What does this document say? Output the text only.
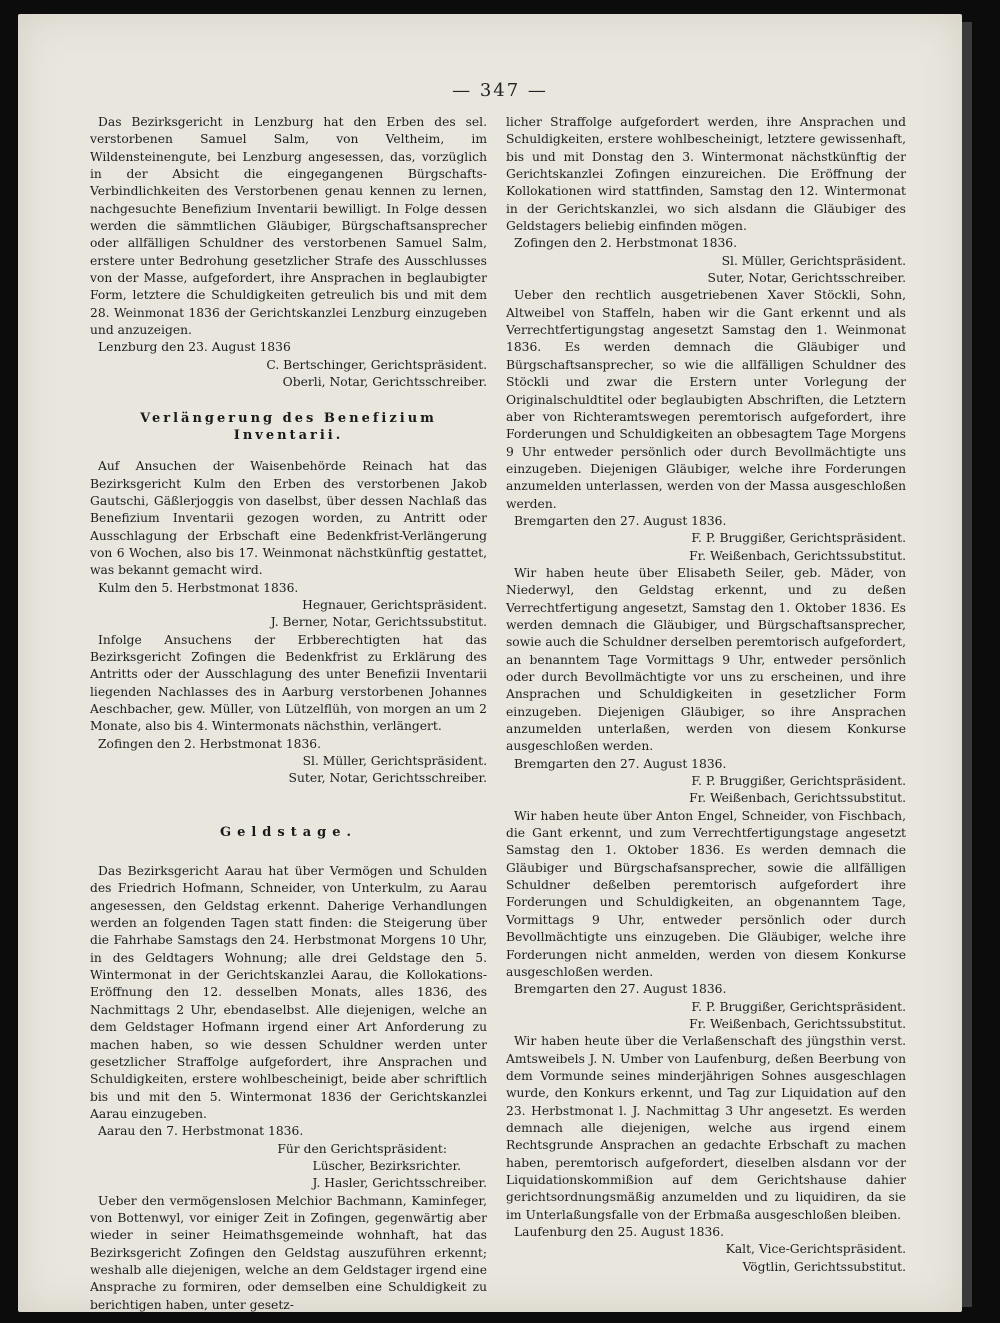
— 347 —

Das Bezirksgericht in Lenzburg hat den Erben des sel. verstorbenen Samuel Salm, von Veltheim, im Wildensteinengute, bei Lenzburg angesessen, das, vorzüglich in der Absicht die eingegangenen Bürgschafts-Verbindlichkeiten des Verstorbenen genau kennen zu lernen, nachgesuchte Benefizium Inventarii bewilligt. In Folge dessen werden die sämmtlichen Gläubiger, Bürgschaftsansprecher oder allfälligen Schuldner des verstorbenen Samuel Salm, erstere unter Bedrohung gesetzlicher Strafe des Ausschlusses von der Masse, aufgefordert, ihre Ansprachen in beglaubigter Form, letztere die Schuldigkeiten getreulich bis und mit dem 28. Weinmonat 1836 der Gerichtskanzlei Lenzburg einzugeben und anzuzeigen.

Lenzburg den 23. August 1836
C. Bertschinger, Gerichtspräsident.
Oberli, Notar, Gerichtsschreiber.
Verlängerung des Benefizium Inventarii.

Auf Ansuchen der Waisenbehörde Reinach hat das Bezirksgericht Kulm den Erben des verstorbenen Jakob Gautschi, Gäßlerjoggis von daselbst, über dessen Nachlaß das Benefizium Inventarii gezogen worden, zu Antritt oder Ausschlagung der Erbschaft eine Bedenkfrist-Verlängerung von 6 Wochen, also bis 17. Weinmonat nächstkünftig gestattet, was bekannt gemacht wird.

Kulm den 5. Herbstmonat 1836.
Hegnauer, Gerichtspräsident.
J. Berner, Notar, Gerichtssubstitut.

Infolge Ansuchens der Erbberechtigten hat das Bezirksgericht Zofingen die Bedenkfrist zu Erklärung des Antritts oder der Ausschlagung des unter Benefizii Inventarii liegenden Nachlasses des in Aarburg verstorbenen Johannes Aeschbacher, gew. Müller, von Lützelflüh, von morgen an um 2 Monate, also bis 4. Wintermonats nächsthin, verlängert.

Zofingen den 2. Herbstmonat 1836.
Sl. Müller, Gerichtspräsident.
Suter, Notar, Gerichtsschreiber.
Geldstage.

Das Bezirksgericht Aarau hat über Vermögen und Schulden des Friedrich Hofmann, Schneider, von Unterkulm, zu Aarau angesessen, den Geldstag erkennt. Daherige Verhandlungen werden an folgenden Tagen statt finden: die Steigerung über die Fahrhabe Samstags den 24. Herbstmonat Morgens 10 Uhr, in des Geldtagers Wohnung; alle drei Geldstage den 5. Wintermonat in der Gerichtskanzlei Aarau, die Kollokations-Eröffnung den 12. desselben Monats, alles 1836, des Nachmittags 2 Uhr, ebendaselbst. Alle diejenigen, welche an dem Geldstager Hofmann irgend einer Art Anforderung zu machen haben, so wie dessen Schuldner werden unter gesetzlicher Straffolge aufgefordert, ihre Ansprachen und Schuldigkeiten, erstere wohlbescheinigt, beide aber schriftlich bis und mit den 5. Wintermonat 1836 der Gerichtskanzlei Aarau einzugeben.

Aarau den 7. Herbstmonat 1836.
Für den Gerichtspräsident:
Lüscher, Bezirksrichter.
J. Hasler, Gerichtsschreiber.

Ueber den vermögenslosen Melchior Bachmann, Kaminfeger, von Bottenwyl, vor einiger Zeit in Zofingen, gegenwärtig aber wieder in seiner Heimathsgemeinde wohnhaft, hat das Bezirksgericht Zofingen den Geldstag auszuführen erkennt; weshalb alle diejenigen, welche an dem Geldstager irgend eine Ansprache zu formiren, oder demselben eine Schuldigkeit zu berichtigen haben, unter gesetz-

licher Straffolge aufgefordert werden, ihre Ansprachen und Schuldigkeiten, erstere wohlbescheinigt, letztere gewissenhaft, bis und mit Donstag den 3. Wintermonat nächstkünftig der Gerichtskanzlei Zofingen einzureichen. Die Eröffnung der Kollokationen wird stattfinden, Samstag den 12. Wintermonat in der Gerichtskanzlei, wo sich alsdann die Gläubiger des Geldstagers beliebig einfinden mögen.

Zofingen den 2. Herbstmonat 1836.
Sl. Müller, Gerichtspräsident.
Suter, Notar, Gerichtsschreiber.

Ueber den rechtlich ausgetriebenen Xaver Stöckli, Sohn, Altweibel von Staffeln, haben wir die Gant erkennt und als Verrechtfertigungstag angesetzt Samstag den 1. Weinmonat 1836. Es werden demnach die Gläubiger und Bürgschaftsansprecher, so wie die allfälligen Schuldner des Stöckli und zwar die Erstern unter Vorlegung der Originalschuldtitel oder beglaubigten Abschriften, die Letztern aber von Richteramtswegen peremtorisch aufgefordert, ihre Forderungen und Schuldigkeiten an obbesagtem Tage Morgens 9 Uhr entweder persönlich oder durch Bevollmächtigte uns einzugeben. Diejenigen Gläubiger, welche ihre Forderungen anzumelden unterlassen, werden von der Massa ausgeschloßen werden.

Bremgarten den 27. August 1836.
F. P. Bruggißer, Gerichtspräsident.
Fr. Weißenbach, Gerichtssubstitut.

Wir haben heute über Elisabeth Seiler, geb. Mäder, von Niederwyl, den Geldstag erkennt, und zu deßen Verrechtfertigung angesetzt, Samstag den 1. Oktober 1836. Es werden demnach die Gläubiger, und Bürgschaftsansprecher, sowie auch die Schuldner derselben peremtorisch aufgefordert, an benanntem Tage Vormittags 9 Uhr, entweder persönlich oder durch Bevollmächtigte vor uns zu erscheinen, und ihre Ansprachen und Schuldigkeiten in gesetzlicher Form einzugeben. Diejenigen Gläubiger, so ihre Ansprachen anzumelden unterlaßen, werden von diesem Konkurse ausgeschloßen werden.

Bremgarten den 27. August 1836.
F. P. Bruggißer, Gerichtspräsident.
Fr. Weißenbach, Gerichtssubstitut.

Wir haben heute über Anton Engel, Schneider, von Fischbach, die Gant erkennt, und zum Verrechtfertigungstage angesetzt Samstag den 1. Oktober 1836. Es werden demnach die Gläubiger und Bürgschafsansprecher, sowie die allfälligen Schuldner deßelben peremtorisch aufgefordert ihre Forderungen und Schuldigkeiten, an obgenanntem Tage, Vormittags 9 Uhr, entweder persönlich oder durch Bevollmächtigte uns einzugeben. Die Gläubiger, welche ihre Forderungen nicht anmelden, werden von diesem Konkurse ausgeschloßen werden.

Bremgarten den 27. August 1836.
F. P. Bruggißer, Gerichtspräsident.
Fr. Weißenbach, Gerichtssubstitut.

Wir haben heute über die Verlaßenschaft des jüngsthin verst. Amtsweibels J. N. Umber von Laufenburg, deßen Beerbung von dem Vormunde seines minderjährigen Sohnes ausgeschlagen wurde, den Konkurs erkennt, und Tag zur Liquidation auf den 23. Herbstmonat l. J. Nachmittag 3 Uhr angesetzt. Es werden demnach alle diejenigen, welche aus irgend einem Rechtsgrunde Ansprachen an gedachte Erbschaft zu machen haben, peremtorisch aufgefordert, dieselben alsdann vor der Liquidationskommißion auf dem Gerichtshause dahier gerichtsordnungsmäßig anzumelden und zu liquidiren, da sie im Unterlaßungsfalle von der Erbmaßa ausgeschloßen bleiben.

Laufenburg den 25. August 1836.
Kalt, Vice-Gerichtspräsident.
Vögtlin, Gerichtssubstitut.
